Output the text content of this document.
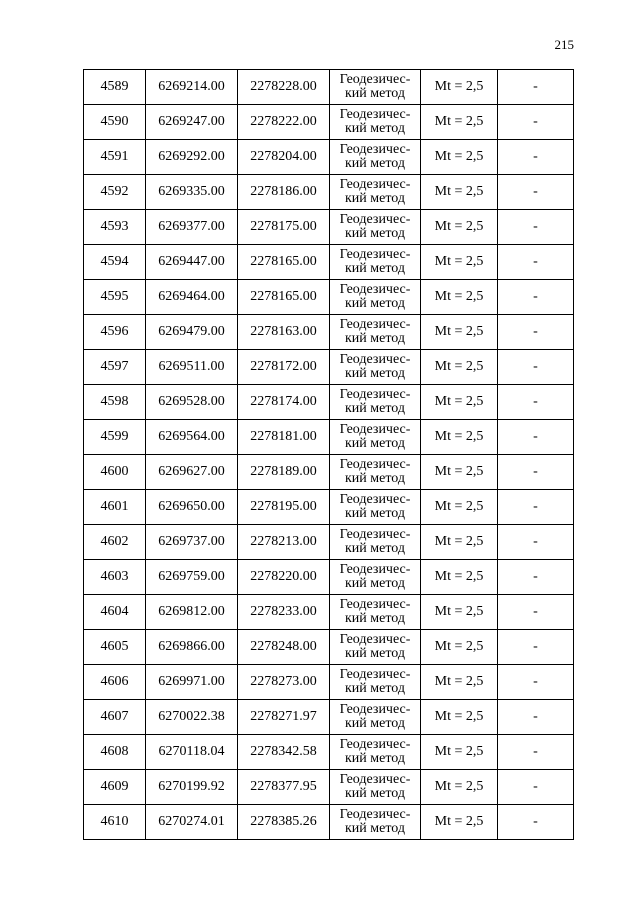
215
4589	6269214.00	2278228.00	Геодезичес-
кий метод	Mt = 2,5	-
4590	6269247.00	2278222.00	Геодезичес-
кий метод	Mt = 2,5	-
4591	6269292.00	2278204.00	Геодезичес-
кий метод	Mt = 2,5	-
4592	6269335.00	2278186.00	Геодезичес-
кий метод	Mt = 2,5	-
4593	6269377.00	2278175.00	Геодезичес-
кий метод	Mt = 2,5	-
4594	6269447.00	2278165.00	Геодезичес-
кий метод	Mt = 2,5	-
4595	6269464.00	2278165.00	Геодезичес-
кий метод	Mt = 2,5	-
4596	6269479.00	2278163.00	Геодезичес-
кий метод	Mt = 2,5	-
4597	6269511.00	2278172.00	Геодезичес-
кий метод	Mt = 2,5	-
4598	6269528.00	2278174.00	Геодезичес-
кий метод	Mt = 2,5	-
4599	6269564.00	2278181.00	Геодезичес-
кий метод	Mt = 2,5	-
4600	6269627.00	2278189.00	Геодезичес-
кий метод	Mt = 2,5	-
4601	6269650.00	2278195.00	Геодезичес-
кий метод	Mt = 2,5	-
4602	6269737.00	2278213.00	Геодезичес-
кий метод	Mt = 2,5	-
4603	6269759.00	2278220.00	Геодезичес-
кий метод	Mt = 2,5	-
4604	6269812.00	2278233.00	Геодезичес-
кий метод	Mt = 2,5	-
4605	6269866.00	2278248.00	Геодезичес-
кий метод	Mt = 2,5	-
4606	6269971.00	2278273.00	Геодезичес-
кий метод	Mt = 2,5	-
4607	6270022.38	2278271.97	Геодезичес-
кий метод	Mt = 2,5	-
4608	6270118.04	2278342.58	Геодезичес-
кий метод	Mt = 2,5	-
4609	6270199.92	2278377.95	Геодезичес-
кий метод	Mt = 2,5	-
4610	6270274.01	2278385.26	Геодезичес-
кий метод	Mt = 2,5	-
